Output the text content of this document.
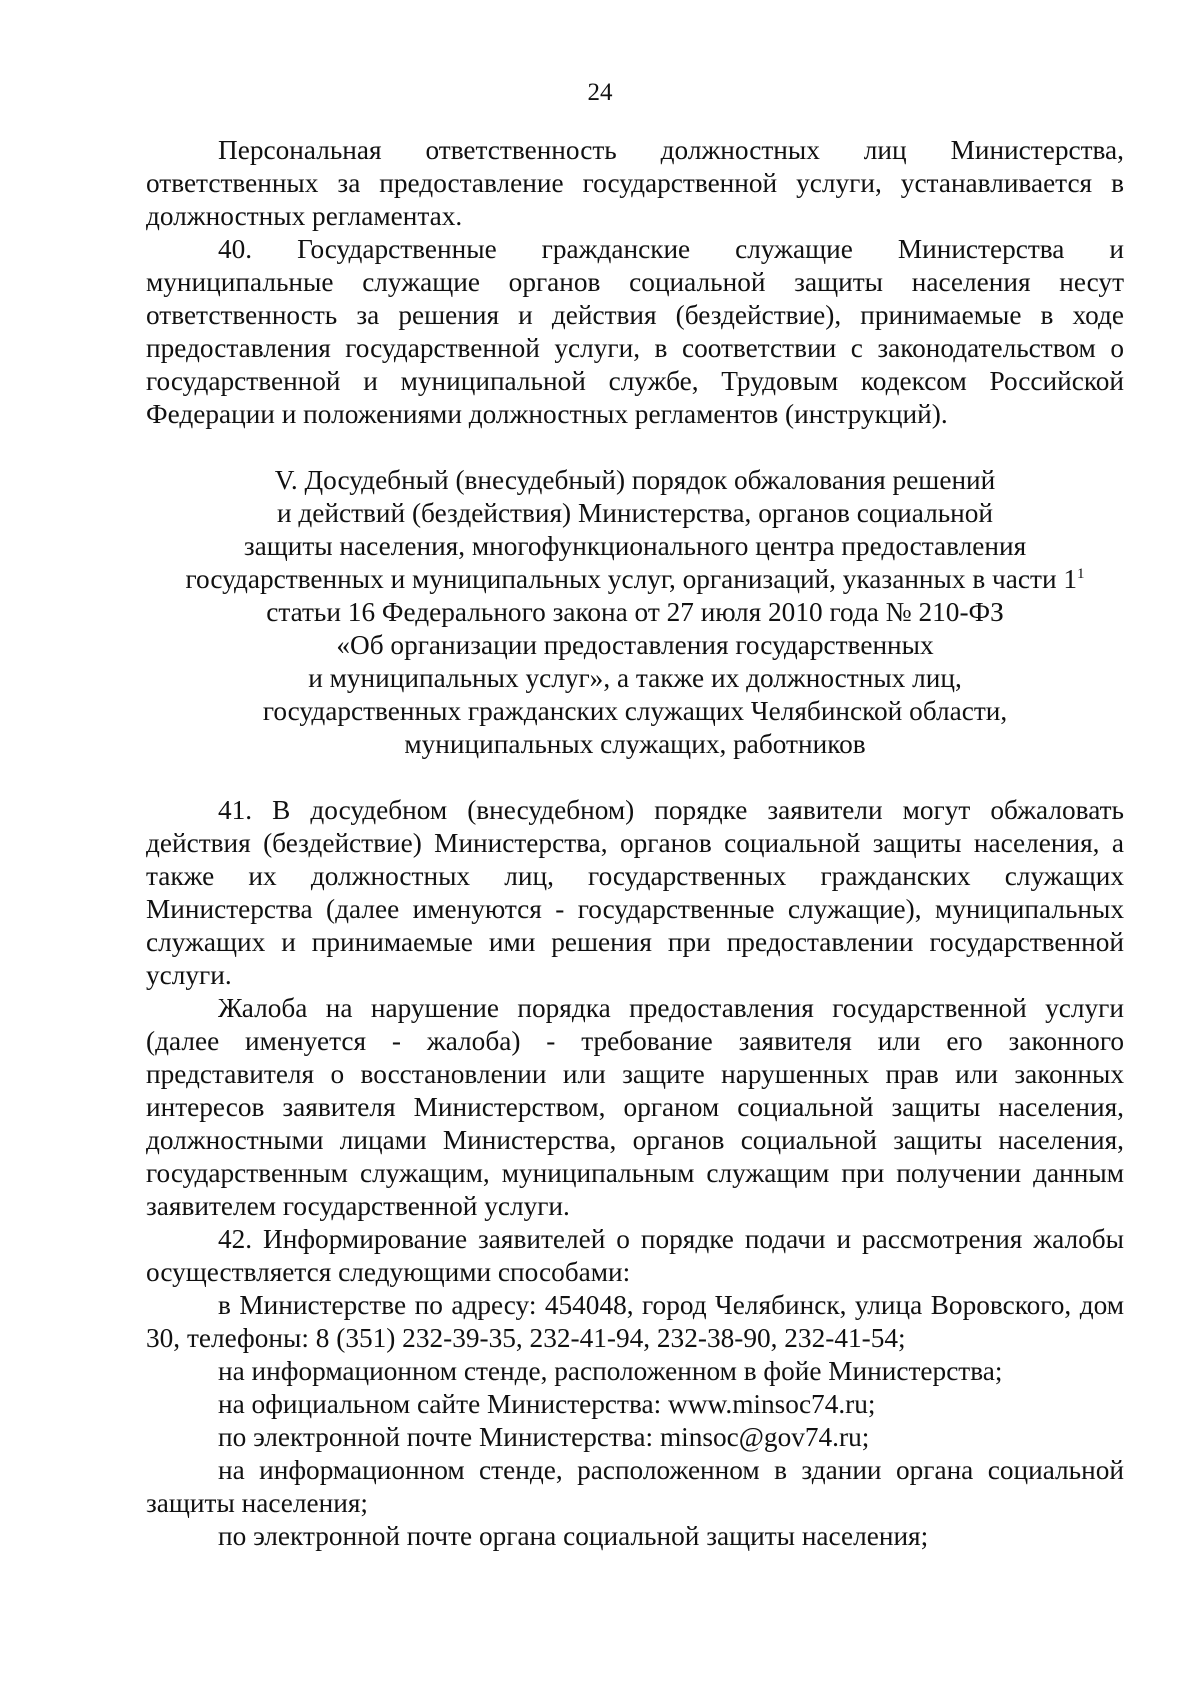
24

Персональная ответственность должностных лиц Министерства, ответственных за предоставление государственной услуги, устанавливается в должностных регламентах.

40. Государственные гражданские служащие Министерства и муниципальные служащие органов социальной защиты населения несут ответственность за решения и действия (бездействие), принимаемые в ходе предоставления государственной услуги, в соответствии с законодательством о государственной и муниципальной службе, Трудовым кодексом Российской Федерации и положениями должностных регламентов (инструкций).

V. Досудебный (внесудебный) порядок обжалования решений
и действий (бездействия) Министерства, органов социальной
защиты населения, многофункционального центра предоставления
государственных и муниципальных услуг, организаций, указанных в части $1^1$
статьи 16 Федерального закона от 27 июля 2010 года № 210-ФЗ
«Об организации предоставления государственных
и муниципальных услуг», а также их должностных лиц,
государственных гражданских служащих Челябинской области,
муниципальных служащих, работников

41. В досудебном (внесудебном) порядке заявители могут обжаловать действия (бездействие) Министерства, органов социальной защиты населения, а также их должностных лиц, государственных гражданских служащих Министерства (далее именуются - государственные служащие), муниципальных служащих и принимаемые ими решения при предоставлении государственной услуги.

Жалоба на нарушение порядка предоставления государственной услуги (далее именуется - жалоба) - требование заявителя или его законного представителя о восстановлении или защите нарушенных прав или законных интересов заявителя Министерством, органом социальной защиты населения, должностными лицами Министерства, органов социальной защиты населения, государственным служащим, муниципальным служащим при получении данным заявителем государственной услуги.

42. Информирование заявителей о порядке подачи и рассмотрения жалобы осуществляется следующими способами:

в Министерстве по адресу: 454048, город Челябинск, улица Воровского, дом 30, телефоны: 8 (351) 232-39-35, 232-41-94, 232-38-90, 232-41-54;

на информационном стенде, расположенном в фойе Министерства;

на официальном сайте Министерства: www.minsoc74.ru;

по электронной почте Министерства: minsoc@gov74.ru;

на информационном стенде, расположенном в здании органа социальной защиты населения;

по электронной почте органа социальной защиты населения;
